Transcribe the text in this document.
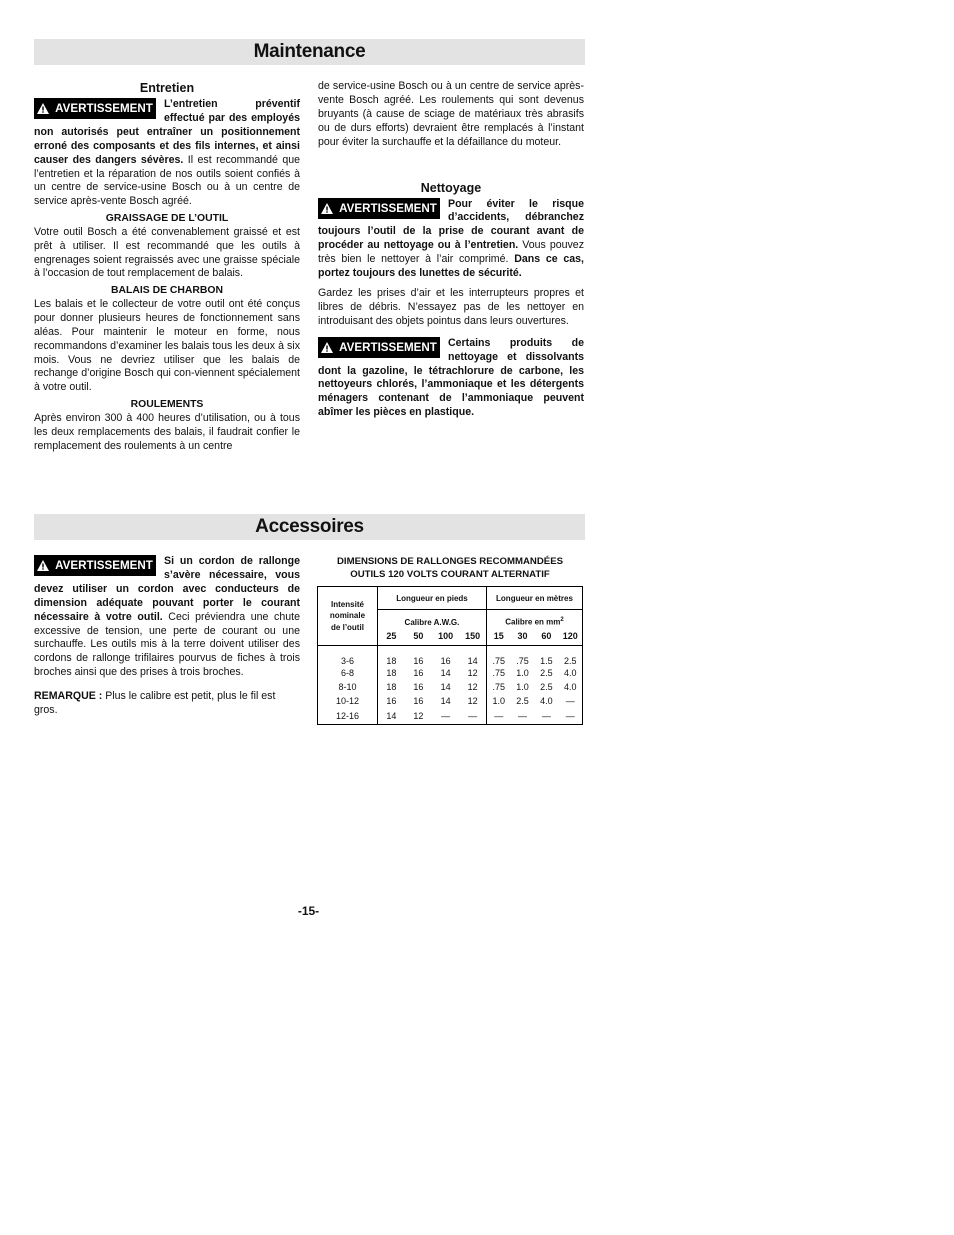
Maintenance
Entretien

AVERTISSEMENT L’entretien préventif effectué par des employés non autorisés peut entraîner un positionnement erroné des composants et des fils internes, et ainsi causer des dangers sévères. Il est recommandé que l’entretien et la réparation de nos outils soient confiés à un centre de service-usine Bosch ou à un centre de service après-vente Bosch agréé.

GRAISSAGE DE L’OUTIL

Votre outil Bosch a été convenablement graissé et est prêt à utiliser. Il est recommandé que les outils à engrenages soient regraissés avec une graisse spéciale à l’occasion de tout remplacement de balais.

BALAIS DE CHARBON

Les balais et le collecteur de votre outil ont été conçus pour donner plusieurs heures de fonctionnement sans aléas. Pour maintenir le moteur en forme, nous recommandons d’examiner les balais tous les deux à six mois. Vous ne devriez utiliser que les balais de rechange d’origine Bosch qui con-viennent spécialement à votre outil.

ROULEMENTS

Après environ 300 à 400 heures d’utilisation, ou à tous les deux remplacements des balais, il faudrait confier le remplacement des roulements à un centre

de service-usine Bosch ou à un centre de service après-vente Bosch agréé. Les roulements qui sont devenus bruyants (à cause de sciage de matériaux très abrasifs ou de durs efforts) devraient être remplacés à l’instant pour éviter la surchauffe et la défaillance du moteur.

Nettoyage

AVERTISSEMENT Pour éviter le risque d’accidents, débranchez toujours l’outil de la prise de courant avant de procéder au nettoyage ou à l’entretien. Vous pouvez très bien le nettoyer à l’air comprimé. Dans ce cas, portez toujours des lunettes de sécurité.

Gardez les prises d’air et les interrupteurs propres et libres de débris. N’essayez pas de les nettoyer en introduisant des objets pointus dans leurs ouvertures.

AVERTISSEMENT Certains produits de nettoyage et dissolvants dont la gazoline, le tétrachlorure de carbone, les nettoyeurs chlorés, l’ammoniaque et les détergents ménagers contenant de l’ammoniaque peuvent abîmer les pièces en plastique.

Accessoires

AVERTISSEMENT Si un cordon de rallonge s’avère nécessaire, vous devez utiliser un cordon avec conducteurs de dimension adéquate pouvant porter le courant nécessaire à votre outil. Ceci préviendra une chute excessive de tension, une perte de courant ou une surchauffe. Les outils mis à la terre doivent utiliser des cordons de rallonge trifilaires pourvus de fiches à trois broches ainsi que des prises à trois broches.

REMARQUE : Plus le calibre est petit, plus le fil est gros.

DIMENSIONS DE RALLONGES RECOMMANDÉES
OUTILS 120 VOLTS COURANT ALTERNATIF
Intensité
nominale
de l’outil	Longueur en pieds				Longueur en mètres			
	Calibre A.W.G.				Calibre en $mm^2$
	25	50	100	150	15	30	60	120
3-6	18	16	16	14	.75	.75	1.5	2.5
6-8	18	16	14	12	.75	1.0	2.5	4.0
8-10	18	16	14	12	.75	1.0	2.5	4.0
10-12	16	16	14	12	1.0	2.5	4.0	—
12-16	14	12	—	—	—	—	—	—
-15-
